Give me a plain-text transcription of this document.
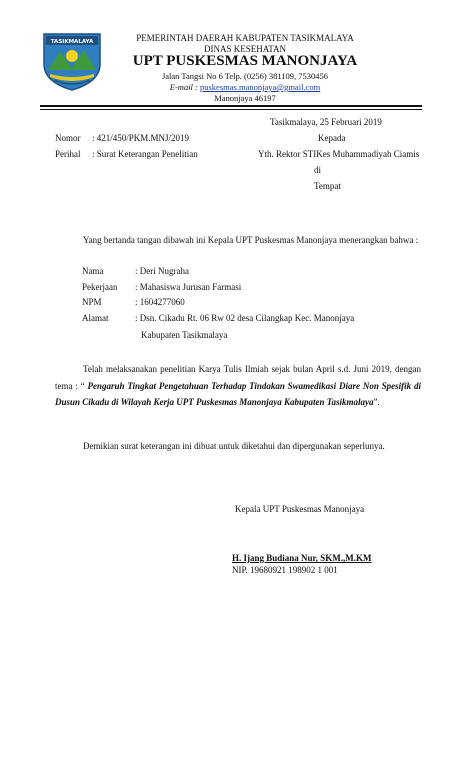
TASIKMALAYA	PEMERINTAH DAERAH KABUPATEN TASIKMALAYA
DINAS KESEHATAN
UPT PUSKESMAS MANONJAYA
Jalan Tangsi No 6 Telp. (0256) 381109, 7530456
E-mail : puskesmas.manonjaya@gmail.com
Manonjaya 46197
Tasikmalaya, 25 Februari 2019
Nomor : 421/450/PKM.MNJ/2019	Kepada
Perihal : Surat Keterangan Penelitian	Yth. Rektor STIKes Muhammadiyah Ciamis
di
Tempat
Yang bertanda tangan dibawah ini Kepala UPT Puskesmas Manonjaya menerangkan bahwa :
Nama	: Deri Nugraha
Pekerjaan : Mahasiswa Jurusan Farmasi
NPM	: 1604277060
Alamat	: Dsn. Cikadu Rt. 06 Rw 02 desa Cilangkap Kec. Manonjaya
Kabupaten Tasikmalaya
Telah melaksanakan penelitian Karya Tulis Ilmiah sejak bulan April s.d. Juni 2019, dengan tema : “ Pengaruh Tingkat Pengetahuan Terhadap Tindakan Swamedikasi Diare Non Spesifik di Dusun Cikadu di Wilayah Kerja UPT Puskesmas Manonjaya Kabupaten Tasikmalaya”.
Demikian surat keterangan ini dibuat untuk diketahui dan dipergunakan seperlunya.
Kepala UPT Puskesmas Manonjaya
H. Ijang Budiana Nur, SKM.,M.KM
NIP. 19680921 198902 1 001
